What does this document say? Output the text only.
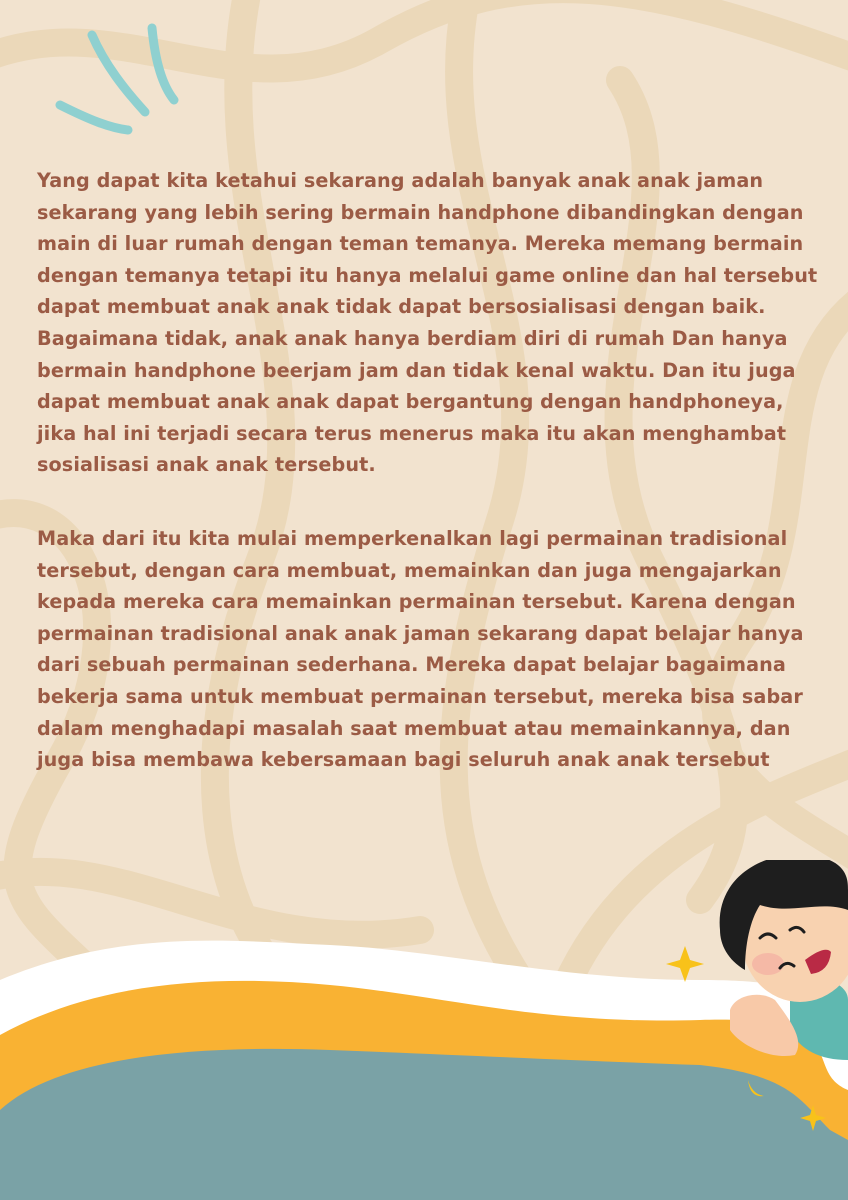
Yang dapat kita ketahui sekarang adalah banyak anak anak jaman
sekarang yang lebih sering bermain handphone dibandingkan dengan
main di luar rumah dengan teman temanya. Mereka memang bermain
dengan temanya tetapi itu hanya melalui game online dan hal tersebut
dapat membuat anak anak tidak dapat bersosialisasi dengan baik.
Bagaimana tidak, anak anak hanya berdiam diri di rumah Dan hanya
bermain handphone beerjam jam dan tidak kenal waktu. Dan itu juga
dapat membuat anak anak dapat bergantung dengan handphoneya,
jika hal ini terjadi secara terus menerus maka itu akan menghambat
sosialisasi anak anak tersebut.
Maka dari itu kita mulai memperkenalkan lagi permainan tradisional
tersebut, dengan cara membuat, memainkan dan juga mengajarkan
kepada mereka cara memainkan permainan tersebut. Karena dengan
permainan tradisional anak anak jaman sekarang dapat belajar hanya
dari sebuah permainan sederhana. Mereka dapat belajar bagaimana
bekerja sama untuk membuat permainan tersebut, mereka bisa sabar
dalam menghadapi masalah saat membuat atau memainkannya, dan
juga bisa membawa kebersamaan bagi seluruh anak anak tersebut
